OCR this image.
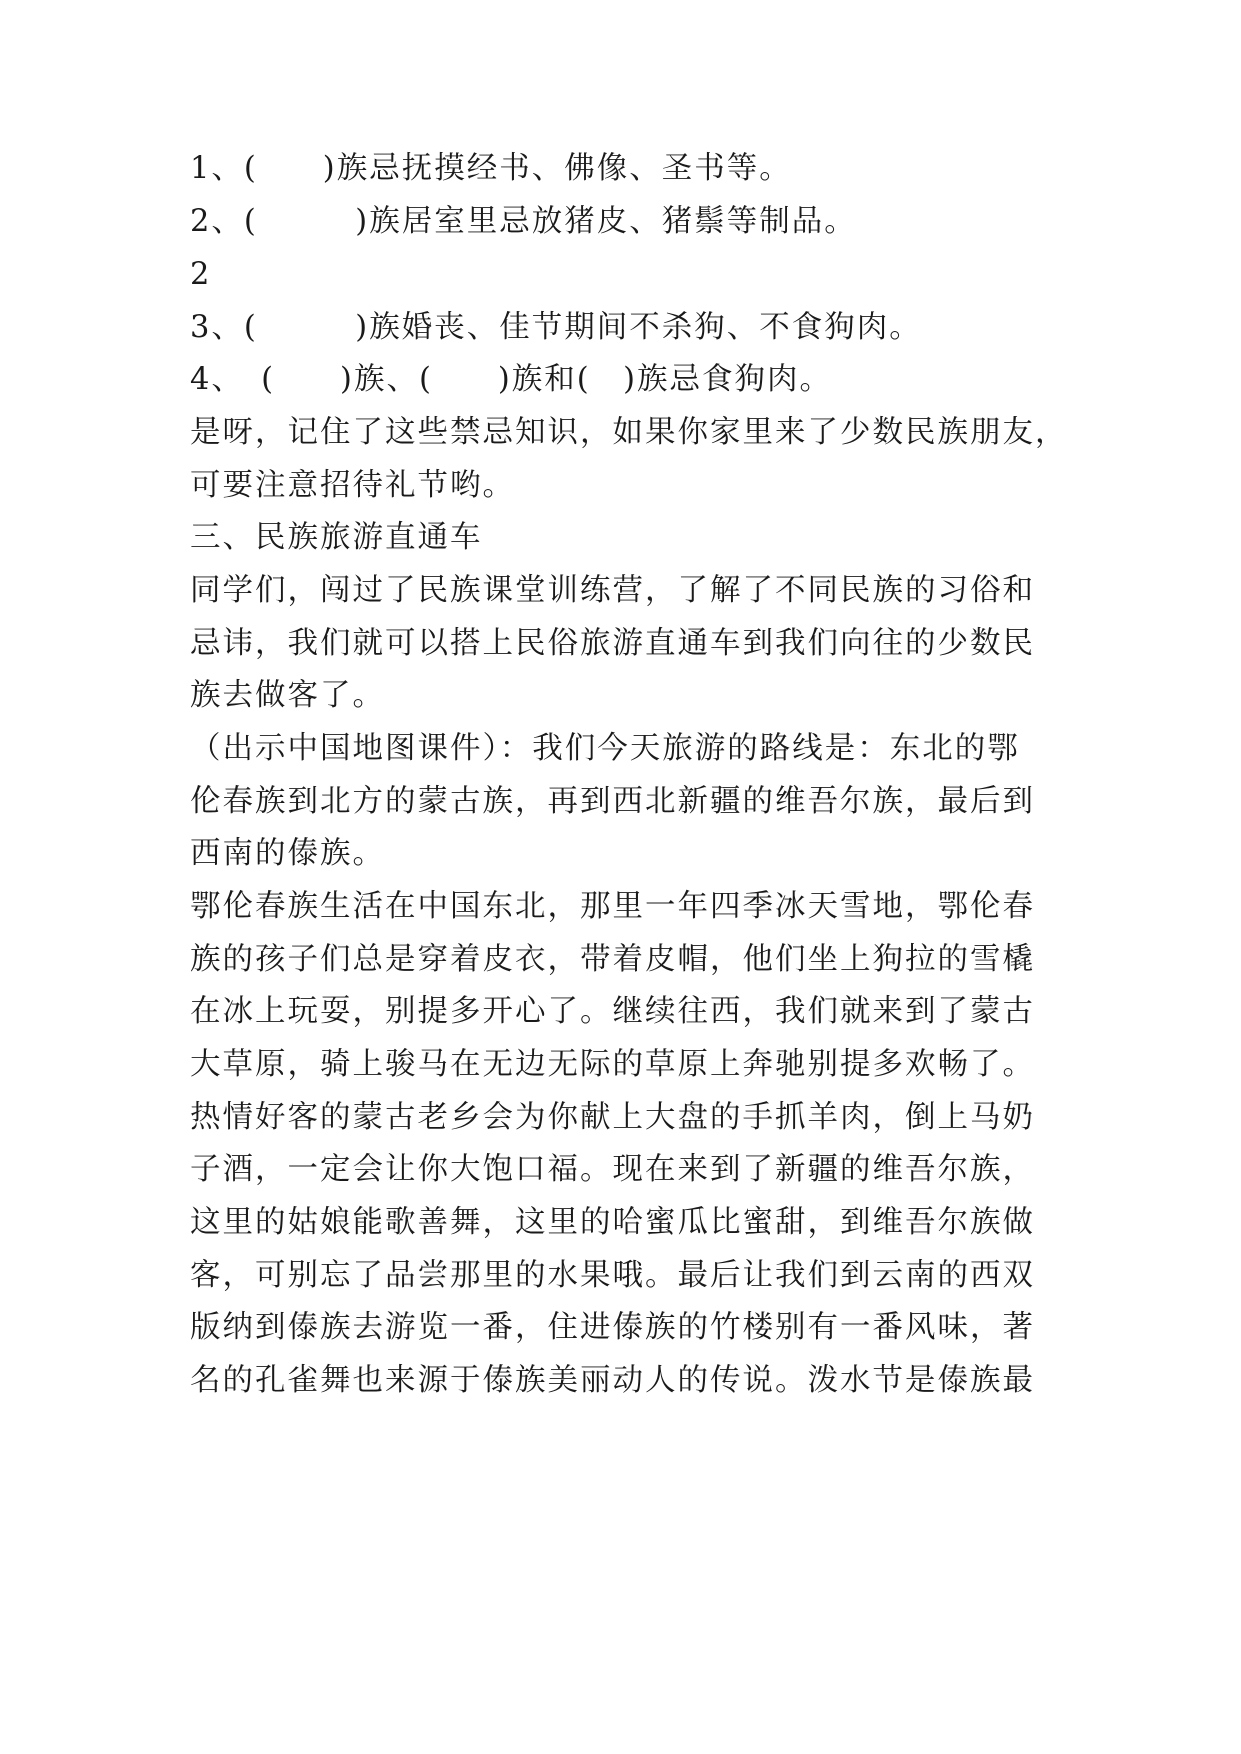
1、(　　)族忌抚摸经书、佛像、圣书等。
2、(　　　)族居室里忌放猪皮、猪鬃等制品。
2
3、(　　　)族婚丧、佳节期间不杀狗、不食狗肉。
4、　(　　)族、(　　)族和(　)族忌食狗肉。
是呀，记住了这些禁忌知识，如果你家里来了少数民族朋友，
可要注意招待礼节哟。
三、民族旅游直通车
同学们，闯过了民族课堂训练营，了解了不同民族的习俗和
忌讳，我们就可以搭上民俗旅游直通车到我们向往的少数民
族去做客了。
（出示中国地图课件）：我们今天旅游的路线是：东北的鄂
伦春族到北方的蒙古族，再到西北新疆的维吾尔族，最后到
西南的傣族。
鄂伦春族生活在中国东北，那里一年四季冰天雪地，鄂伦春
族的孩子们总是穿着皮衣，带着皮帽，他们坐上狗拉的雪橇
在冰上玩耍，别提多开心了。继续往西，我们就来到了蒙古
大草原，骑上骏马在无边无际的草原上奔驰别提多欢畅了。
热情好客的蒙古老乡会为你献上大盘的手抓羊肉，倒上马奶
子酒，一定会让你大饱口福。现在来到了新疆的维吾尔族，
这里的姑娘能歌善舞，这里的哈蜜瓜比蜜甜，到维吾尔族做
客，可别忘了品尝那里的水果哦。最后让我们到云南的西双
版纳到傣族去游览一番，住进傣族的竹楼别有一番风味，著
名的孔雀舞也来源于傣族美丽动人的传说。泼水节是傣族最
